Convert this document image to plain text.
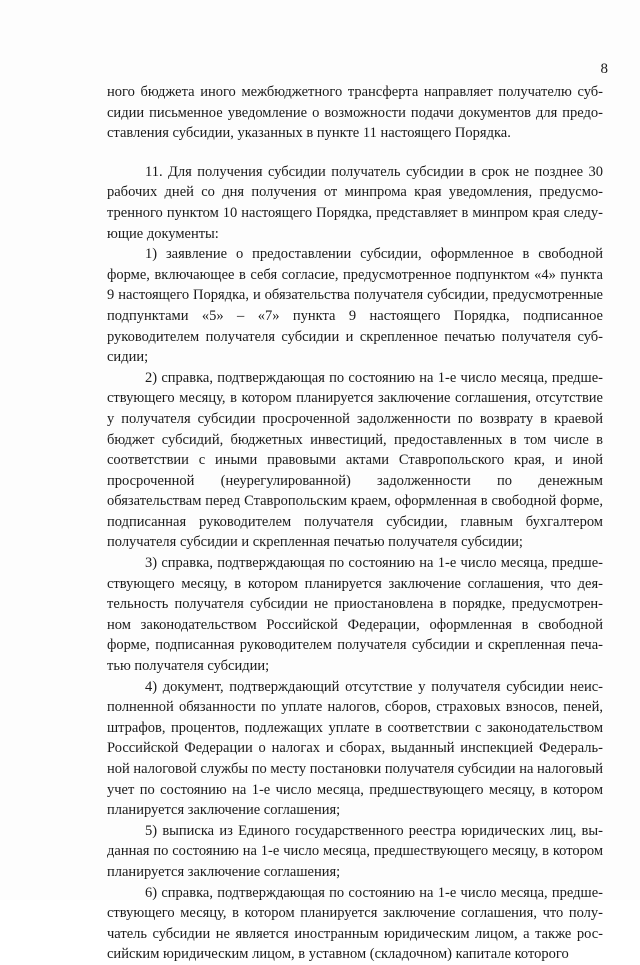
8

ного бюджета иного межбюджетного трансферта направляет получателю субсидии письменное уведомление о возможности подачи документов для предоставления субсидии, указанных в пункте 11 настоящего Порядка.

11. Для получения субсидии получатель субсидии в срок не позднее 30 рабочих дней со дня получения от минпрома края уведомления, предусмотренного пунктом 10 настоящего Порядка, представляет в минпром края следующие документы:

1) заявление о предоставлении субсидии, оформленное в свободной форме, включающее в себя согласие, предусмотренное подпунктом «4» пункта 9 настоящего Порядка, и обязательства получателя субсидии, предусмотренные подпунктами «5» – «7» пункта 9 настоящего Порядка, подписанное руководителем получателя субсидии и скрепленное печатью получателя субсидии;

2) справка, подтверждающая по состоянию на 1-е число месяца, предшествующего месяцу, в котором планируется заключение соглашения, отсутствие у получателя субсидии просроченной задолженности по возврату в краевой бюджет субсидий, бюджетных инвестиций, предоставленных в том числе в соответствии с иными правовыми актами Ставропольского края, и иной просроченной (неурегулированной) задолженности по денежным обязательствам перед Ставропольским краем, оформленная в свободной форме, подписанная руководителем получателя субсидии, главным бухгалтером получателя субсидии и скрепленная печатью получателя субсидии;

3) справка, подтверждающая по состоянию на 1-е число месяца, предшествующего месяцу, в котором планируется заключение соглашения, что деятельность получателя субсидии не приостановлена в порядке, предусмотренном законодательством Российской Федерации, оформленная в свободной форме, подписанная руководителем получателя субсидии и скрепленная печатью получателя субсидии;

4) документ, подтверждающий отсутствие у получателя субсидии неисполненной обязанности по уплате налогов, сборов, страховых взносов, пеней, штрафов, процентов, подлежащих уплате в соответствии с законодательством Российской Федерации о налогах и сборах, выданный инспекцией Федеральной налоговой службы по месту постановки получателя субсидии на налоговый учет по состоянию на 1-е число месяца, предшествующего месяцу, в котором планируется заключение соглашения;

5) выписка из Единого государственного реестра юридических лиц, выданная по состоянию на 1-е число месяца, предшествующего месяцу, в котором планируется заключение соглашения;

6) справка, подтверждающая по состоянию на 1-е число месяца, предшествующего месяцу, в котором планируется заключение соглашения, что получатель субсидии не является иностранным юридическим лицом, а также российским юридическим лицом, в уставном (складочном) капитале которого
